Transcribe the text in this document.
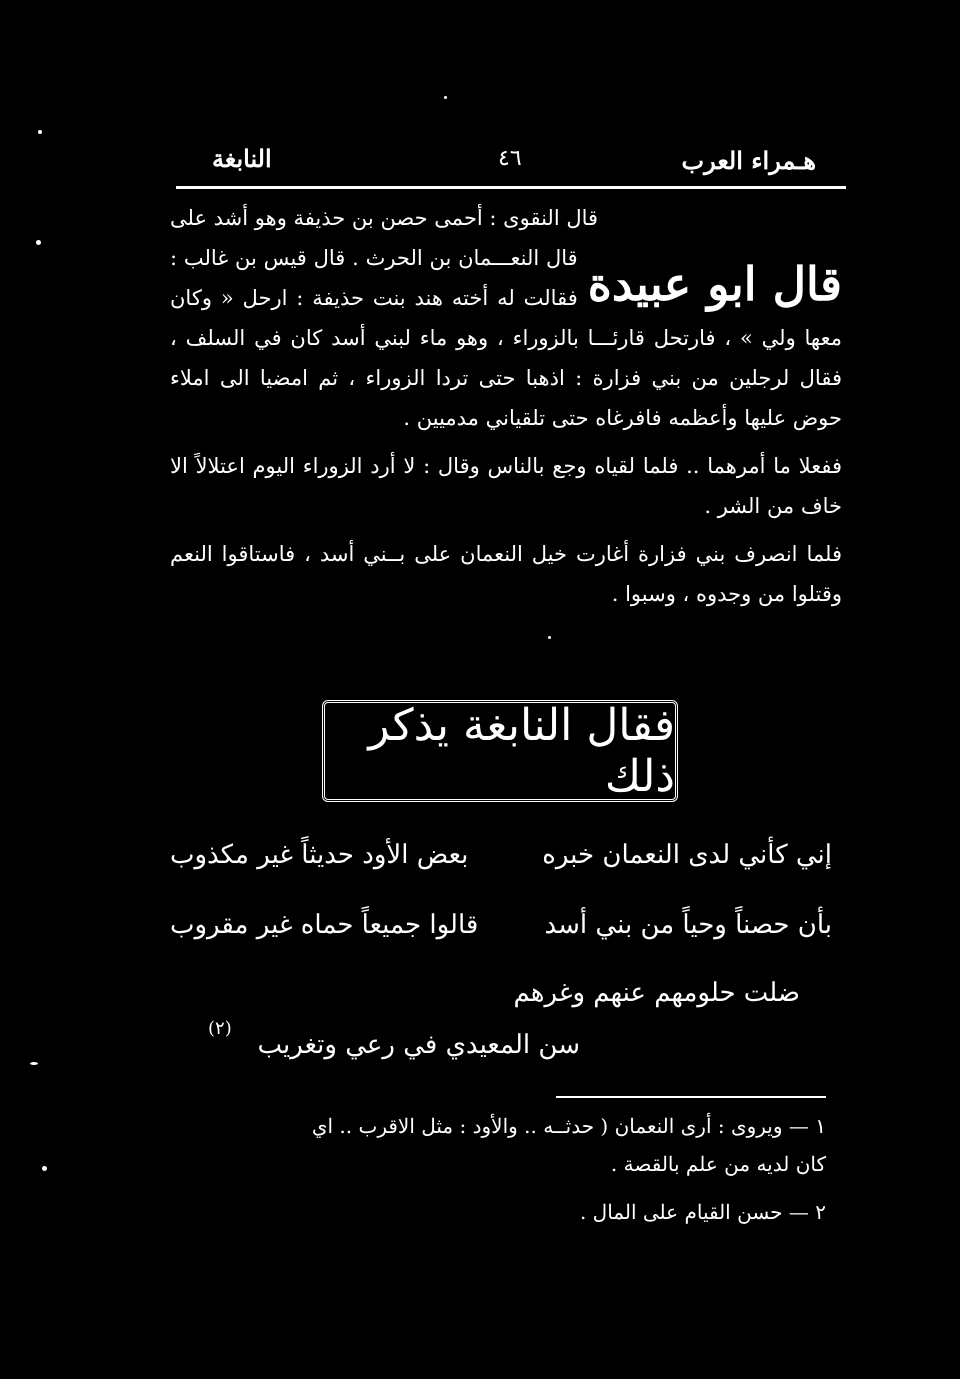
هـمراء العرب
٤٦
النابغة

قال النقوى : أحمى حصن بن حذيفة وهو أشد على

قال ابو عبيدة

قال النعـــمان بن الحرث . قال قيس بن غالب : فقالت له أخته هند بنت حذيفة : ارحل « وكان معها ولي » ، فارتحل قارئـــا بالزوراء ، وهو ماء لبني أسد كان في السلف ، فقال لرجلين من بني فزارة : اذهبا حتى تردا الزوراء ، ثم امضيا الى املاء حوض عليها وأعظمه فافرغاه حتى تلقياني مدميين .

ففعلا ما أمرهما .. فلما لقياه وجع بالناس وقال : لا أرد الزوراء اليوم اعتلالاً الا خاف من الشر .

فلما انصرف بني فزارة أغارت خيل النعمان على بــني أسد ، فاستاقوا النعم وقتلوا من وجدوه ، وسبوا .

فقال النابغة يذكر ذلك
إني كأني لدى النعمان خبره
بعض الأود حديثاً غير مكذوب
بأن حصناً وحياً من بني أسد
قالوا جميعاً حماه غير مقروب
ضلت حلومهم عنهم وغرهم
سن المعيدي في رعي وتغريب
(٢)
١ — ويروى : أرى النعمان ( حدثــه .. والأود : مثل الاقرب .. اي
كان لديه من علم بالقصة .
٢ — حسن القيام على المال .
